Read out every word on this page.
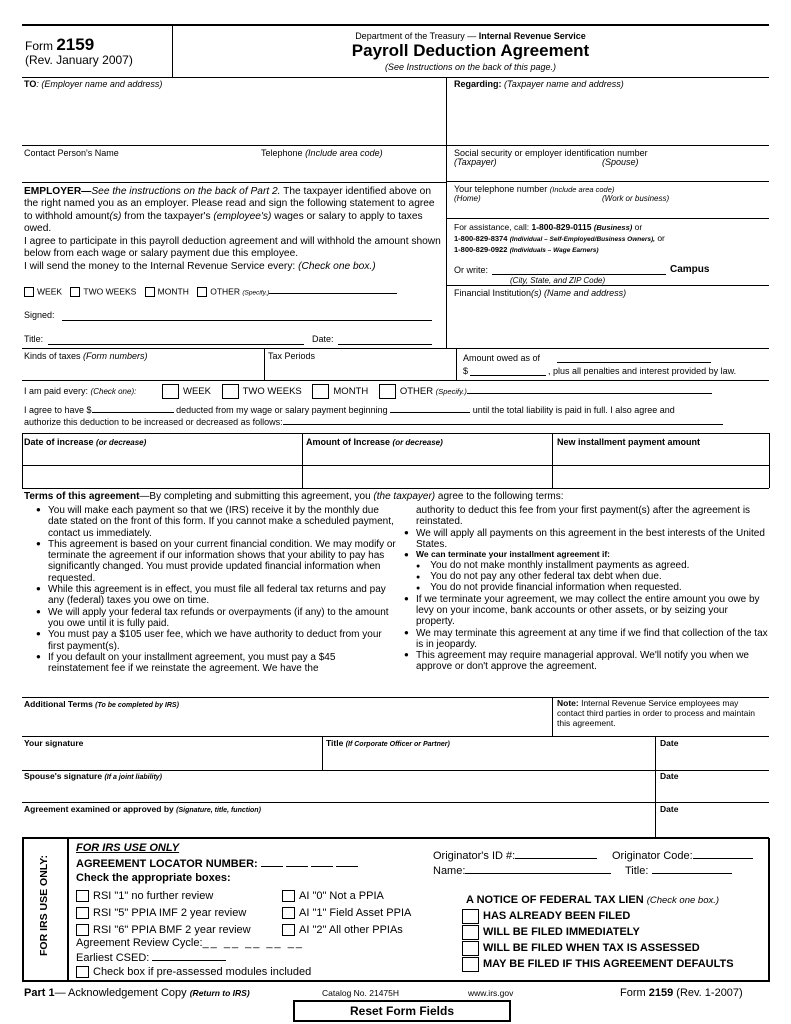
Form 2159
(Rev. January 2007)
Department of the Treasury — Internal Revenue Service
Payroll Deduction Agreement
(See Instructions on the back of this page.)
TO: (Employer name and address)	Regarding: (Taxpayer name and address)
Contact Person's Name	Telephone (Include area code)	Social security or employer identification number
(Taxpayer)	(Spouse)
EMPLOYER—See the instructions on the back of Part 2. The taxpayer identified above on the right named you as an employer. Please read and sign the following statement to agree to withhold amount(s) from the taxpayer's (employee's) wages or salary to apply to taxes owed.
I agree to participate in this payroll deduction agreement and will withhold the amount shown below from each wage or salary payment due this employee.
I will send the money to the Internal Revenue Service every: (Check one box.)
WEEK	TWO WEEKS	MONTH	OTHER (Specify.)
Signed:
Title:	Date:
Your telephone number (Include area code)
(Home)	(Work or business)
For assistance, call: 1-800-829-0115 (Business) or
1-800-829-8374 (Individual – Self-Employed/Business Owners), or
1-800-829-0922 (Individuals – Wage Earners)
Or write:	Campus
(City, State, and ZIP Code)
Financial Institution(s) (Name and address)
Kinds of taxes (Form numbers)	Tax Periods	Amount owed as of
$	, plus all penalties and interest provided by law.
I am paid every: (Check one):	WEEK	TWO WEEKS	MONTH	OTHER (Specify.)
I agree to have $	deducted from my wage or salary payment beginning	until the total liability is paid in full. I also agree and
authorize this deduction to be increased or decreased as follows:
Date of increase (or decrease)	Amount of Increase (or decrease)	New installment payment amount
Terms of this agreement—By completing and submitting this agreement, you (the taxpayer) agree to the following terms:
● You will make each payment so that we (IRS) receive it by the monthly due date stated on the front of this form. If you cannot make a scheduled payment, contact us immediately.
● This agreement is based on your current financial condition. We may modify or terminate the agreement if our information shows that your ability to pay has significantly changed. You must provide updated financial information when requested.
● While this agreement is in effect, you must file all federal tax returns and pay any (federal) taxes you owe on time.
● We will apply your federal tax refunds or overpayments (if any) to the amount you owe until it is fully paid.
● You must pay a $105 user fee, which we have authority to deduct from your first payment(s).
● If you default on your installment agreement, you must pay a $45 reinstatement fee if we reinstate the agreement. We have the
authority to deduct this fee from your first payment(s) after the agreement is reinstated.
● We will apply all payments on this agreement in the best interests of the United States.
● We can terminate your installment agreement if:
● You do not make monthly installment payments as agreed.
● You do not pay any other federal tax debt when due.
● You do not provide financial information when requested.
● If we terminate your agreement, we may collect the entire amount you owe by levy on your income, bank accounts or other assets, or by seizing your property.
● We may terminate this agreement at any time if we find that collection of the tax is in jeopardy.
● This agreement may require managerial approval. We'll notify you when we approve or don't approve the agreement.
Additional Terms (To be completed by IRS)	Note: Internal Revenue Service employees may contact third parties in order to process and maintain this agreement.
Your signature	Title (If Corporate Officer or Partner)	Date
Spouse's signature (If a joint liability)	Date
Agreement examined or approved by (Signature, title, function)	Date
FOR IRS USE ONLY:
FOR IRS USE ONLY
AGREEMENT LOCATOR NUMBER:
Check the appropriate boxes:
RSI "1" no further review
RSI "5" PPIA IMF 2 year review
RSI "6" PPIA BMF 2 year review
AI "0" Not a PPIA
AI "1" Field Asset PPIA
AI "2" All other PPIAs
Agreement Review Cycle:__ __ __ __ __
Earliest CSED:
Check box if pre-assessed modules included
Originator's ID #:	Originator Code:
Name:	Title:
A NOTICE OF FEDERAL TAX LIEN (Check one box.)
HAS ALREADY BEEN FILED
WILL BE FILED IMMEDIATELY
WILL BE FILED WHEN TAX IS ASSESSED
MAY BE FILED IF THIS AGREEMENT DEFAULTS
Part 1— Acknowledgement Copy (Return to IRS)	Catalog No. 21475H	www.irs.gov	Form 2159 (Rev. 1-2007)
Reset Form Fields
